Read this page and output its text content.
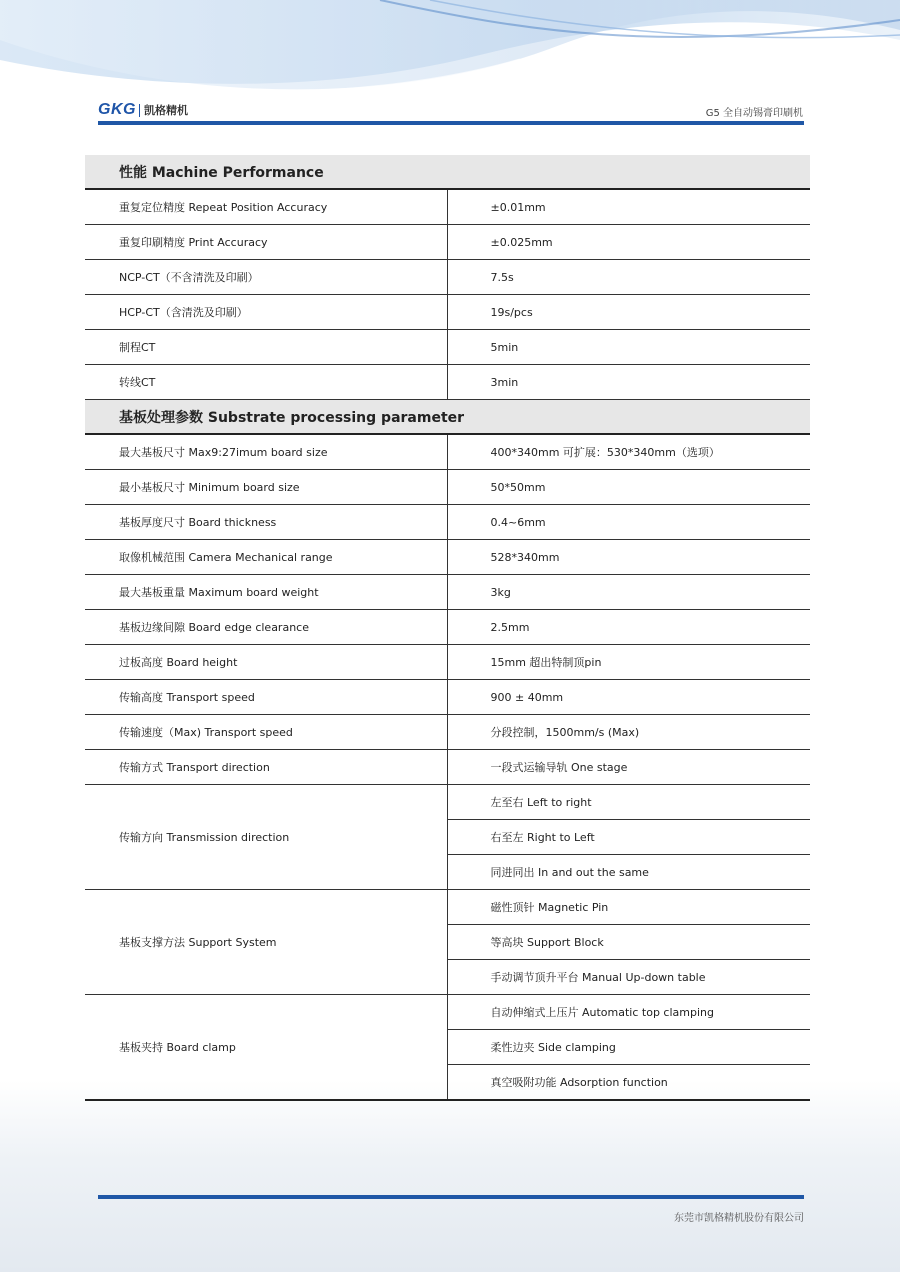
GKG 凯格精机	G5 全自动锡膏印刷机
性能 Machine Performance	
重复定位精度 Repeat Position Accuracy	±0.01mm
重复印刷精度 Print Accuracy	±0.025mm
NCP-CT（不含清洗及印刷）	7.5s
HCP-CT（含清洗及印刷）	19s/pcs
制程CT	5min
转线CT	3min
基板处理参数 Substrate processing parameter	
最大基板尺寸 Max9:27imum board size	400*340mm 可扩展：530*340mm（选项）
最小基板尺寸 Minimum board size	50*50mm
基板厚度尺寸 Board thickness	0.4~6mm
取像机械范围 Camera Mechanical range	528*340mm
最大基板重量 Maximum board weight	3kg
基板边缘间隙 Board edge clearance	2.5mm
过板高度 Board height	15mm 超出特制顶pin
传输高度 Transport speed	900 ± 40mm
传输速度（Max) Transport speed	分段控制，1500mm/s (Max)
传输方式 Transport direction	一段式运输导轨 One stage
传输方向 Transmission direction	左至右 Left to right
	右至左 Right to Left
	同进同出 In and out the same
基板支撑方法 Support System	磁性顶针 Magnetic Pin
	等高块 Support Block
	手动调节顶升平台 Manual Up-down table
基板夹持 Board clamp	自动伸缩式上压片 Automatic top clamping
	柔性边夹 Side clamping
	真空吸附功能 Adsorption function
东莞市凯格精机股份有限公司
